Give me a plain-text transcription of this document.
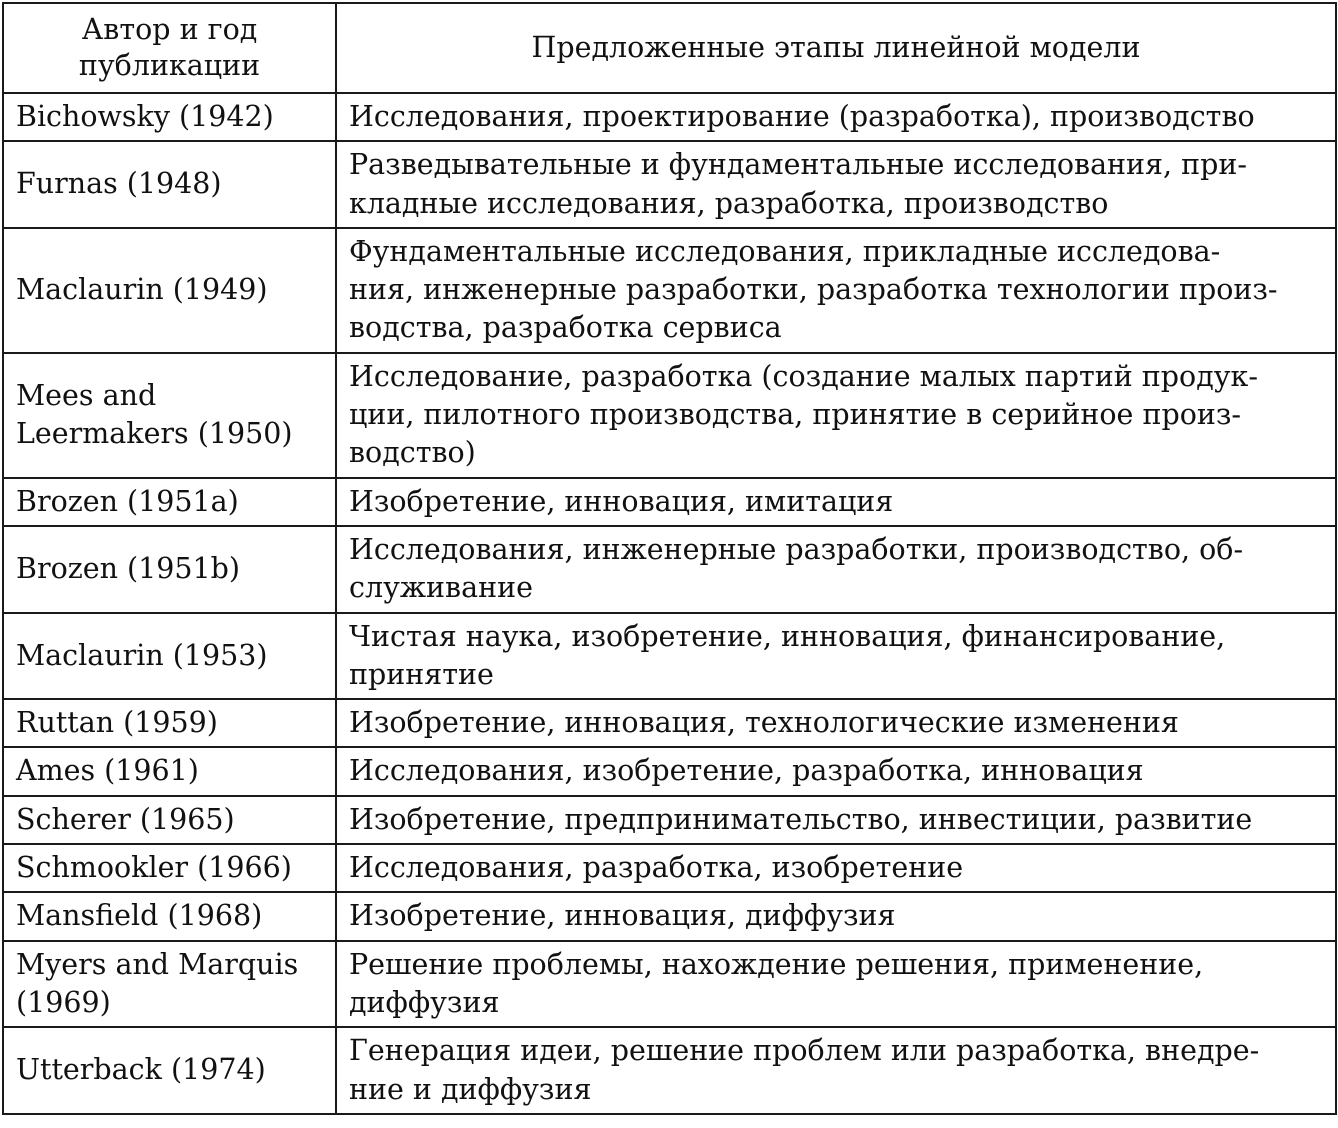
Автор и год
публикации	Предложенные этапы линейной модели

Bichowsky (1942)	Исследования, проектирование (разработка), производство

Furnas (1948)	Разведывательные и фундаментальные исследования, при-
кладные исследования, разработка, производство

Maclaurin (1949)	Фундаментальные исследования, прикладные исследова-
ния, инженерные разработки, разработка технологии произ-
водства, разработка сервиса

Mees and
Leermakers (1950)	Исследование, разработка (создание малых партий продук-
ции, пилотного производства, принятие в серийное произ-
водство)

Brozen (1951a)	Изобретение, инновация, имитация

Brozen (1951b)	Исследования, инженерные разработки, производство, об-
служивание

Maclaurin (1953)	Чистая наука, изобретение, инновация, финансирование,
принятие

Ruttan (1959)	Изобретение, инновация, технологические изменения

Ames (1961)	Исследования, изобретение, разработка, инновация

Scherer (1965)	Изобретение, предпринимательство, инвестиции, развитие

Schmookler (1966)	Исследования, разработка, изобретение

Mansfield (1968)	Изобретение, инновация, диффузия

Myers and Marquis
(1969)	Решение проблемы, нахождение решения, применение,
диффузия

Utterback (1974)	Генерация идеи, решение проблем или разработка, внедре-
ние и диффузия
